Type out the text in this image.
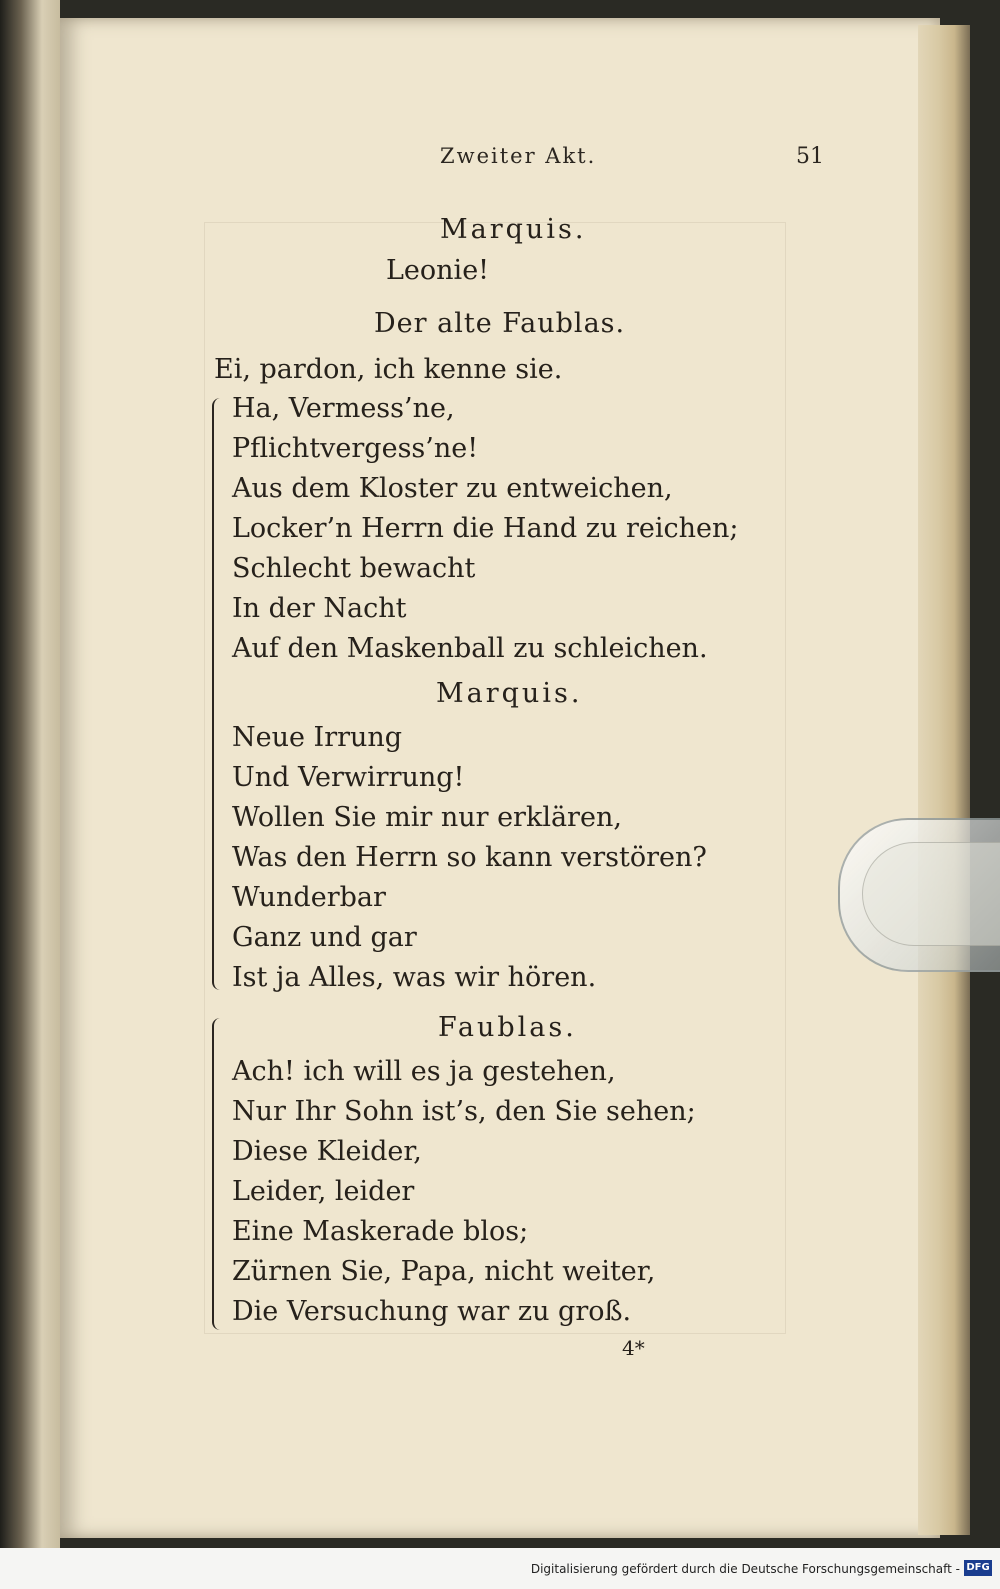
Zweiter Akt.	51
Marquis.
Leonie!
Der alte Faublas.
Ei, pardon, ich kenne sie.
Ha, Vermess’ne,
Pflichtvergess’ne!
Aus dem Kloster zu entweichen,
Locker’n Herrn die Hand zu reichen;
Schlecht bewacht
In der Nacht
Auf den Maskenball zu schleichen.
Marquis.
Neue Irrung
Und Verwirrung!
Wollen Sie mir nur erklären,
Was den Herrn so kann verstören?
Wunderbar
Ganz und gar
Ist ja Alles, was wir hören.
Faublas.
Ach! ich will es ja gestehen,
Nur Ihr Sohn ist’s, den Sie sehen;
Diese Kleider,
Leider, leider
Eine Maskerade blos;
Zürnen Sie, Papa, nicht weiter,
Die Versuchung war zu groß.
4*
Digitalisierung gefördert durch die Deutsche Forschungsgemeinschaft - DFG
